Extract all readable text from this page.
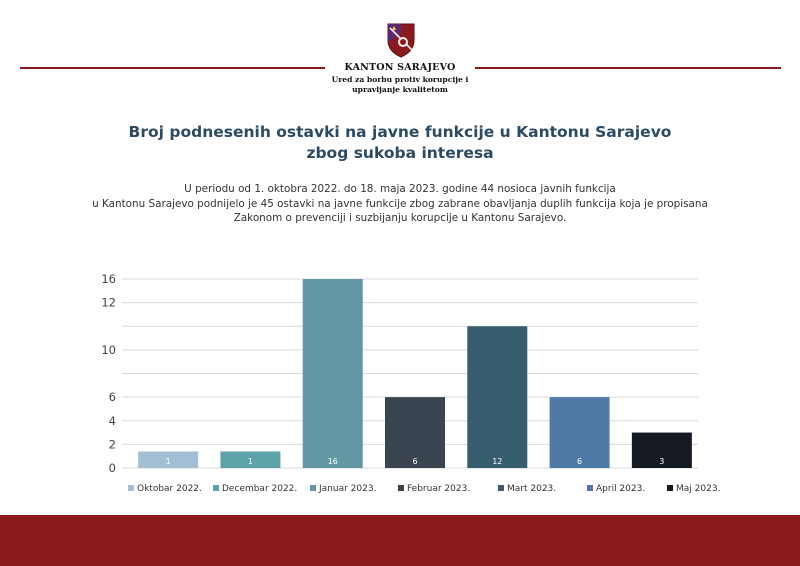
KANTON SARAJEVO
Ured za borbu protiv korupcije i
upravljanje kvalitetom
Broj podnesenih ostavki na javne funkcije u Kantonu Sarajevo
zbog sukoba interesa
U periodu od 1. oktobra 2022. do 18. maja 2023. godine 44 nosioca javnih funkcija
u Kantonu Sarajevo podnijelo je 45 ostavki na javne funkcije zbog zabrane obavljanja duplih funkcija koja je propisana
Zakonom o prevenciji i suzbijanju korupcije u Kantonu Sarajevo.
0
2
4
6
10
12
16
1	1	16	6	12	6	3
Oktobar 2022. Decembar 2022. Januar 2023.	Februar 2023.	Mart 2023.	April 2023.	Maj 2023.
